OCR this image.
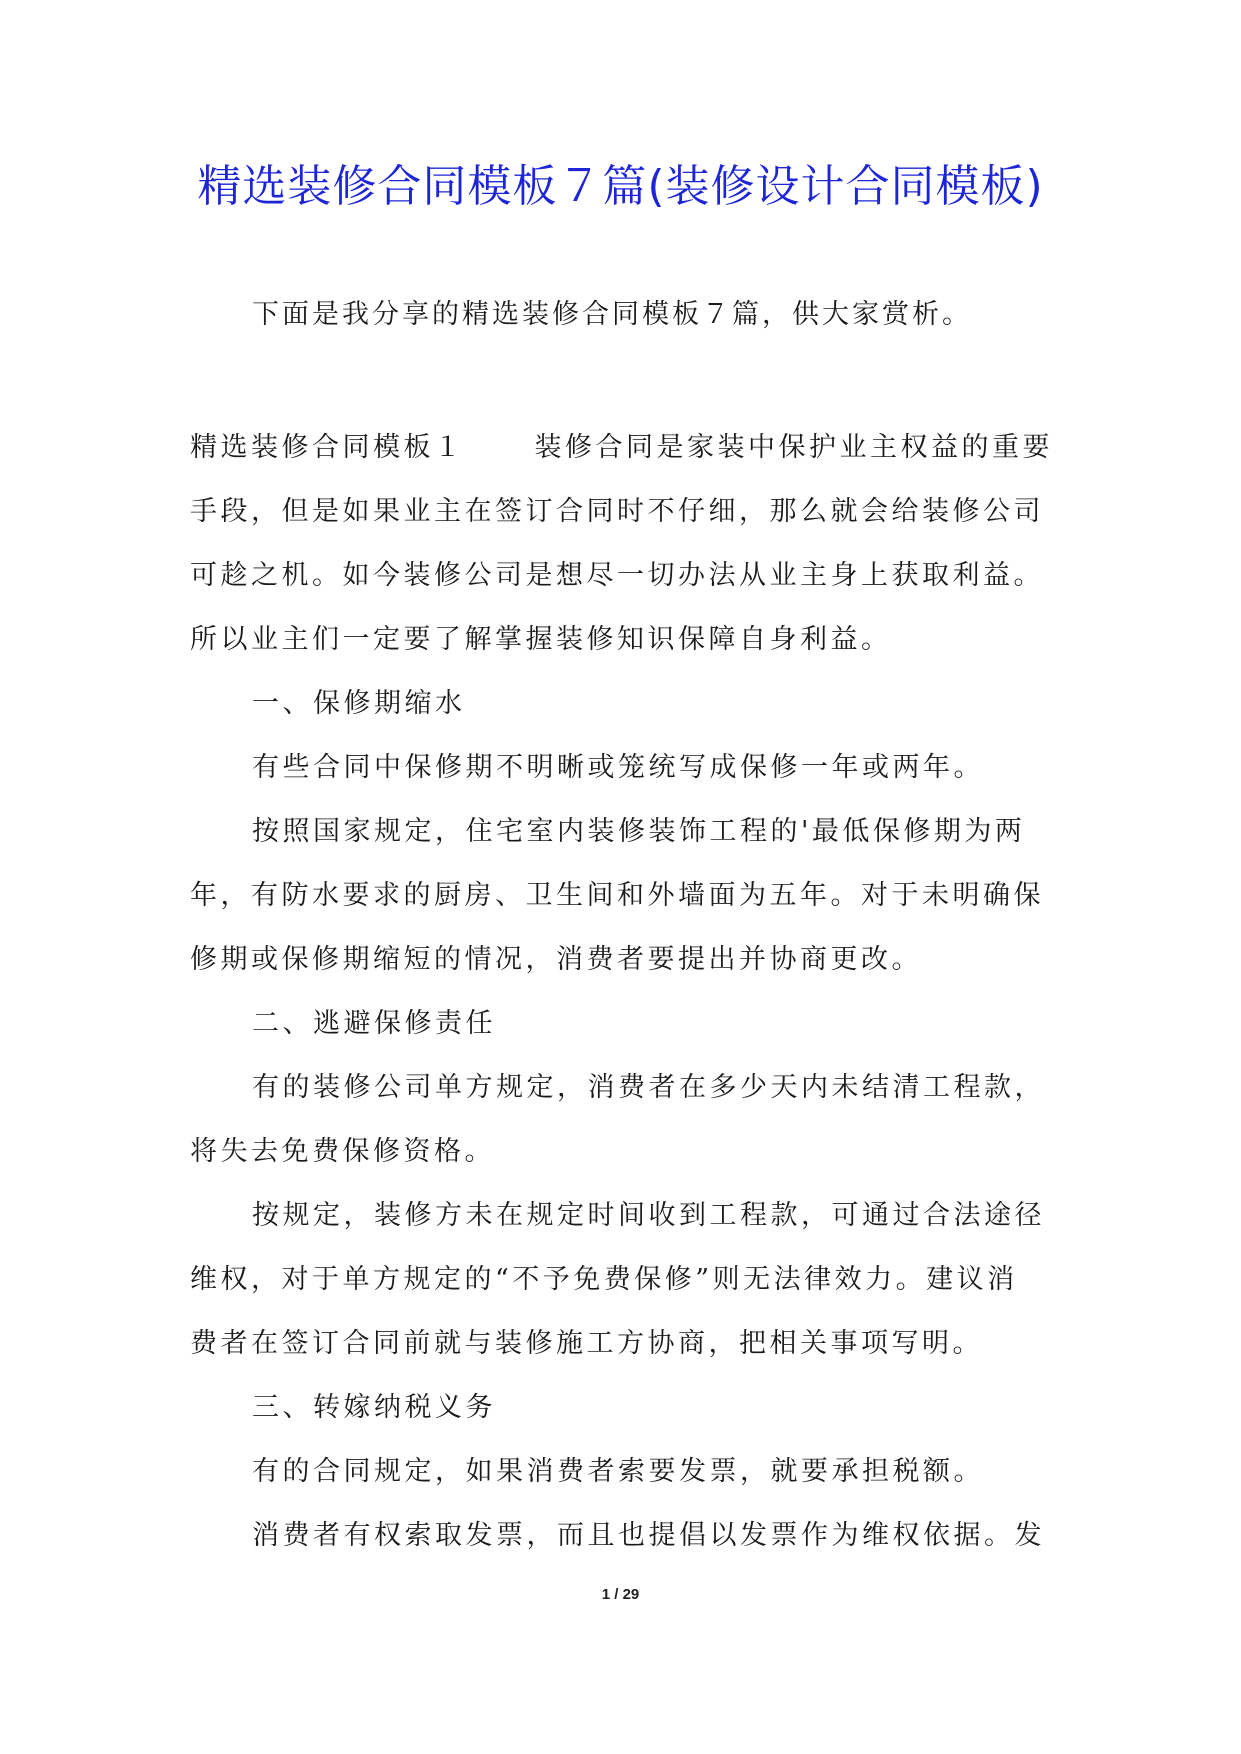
精选装修合同模板７篇(装修设计合同模板)

下面是我分享的精选装修合同模板７篇，供大家赏析。

精选装修合同模板１	装修合同是家装中保护业主权益的重要

手段，但是如果业主在签订合同时不仔细，那么就会给装修公司

可趁之机。如今装修公司是想尽一切办法从业主身上获取利益。

所以业主们一定要了解掌握装修知识保障自身利益。

一、保修期缩水

有些合同中保修期不明晰或笼统写成保修一年或两年。

按照国家规定，住宅室内装修装饰工程的'最低保修期为两

年，有防水要求的厨房、卫生间和外墙面为五年。对于未明确保

修期或保修期缩短的情况，消费者要提出并协商更改。

二、逃避保修责任

有的装修公司单方规定，消费者在多少天内未结清工程款，

将失去免费保修资格。

按规定，装修方未在规定时间收到工程款，可通过合法途径

维权，对于单方规定的“不予免费保修”则无法律效力。建议消

费者在签订合同前就与装修施工方协商，把相关事项写明。

三、转嫁纳税义务

有的合同规定，如果消费者索要发票，就要承担税额。

消费者有权索取发票，而且也提倡以发票作为维权依据。发

1 / 29
